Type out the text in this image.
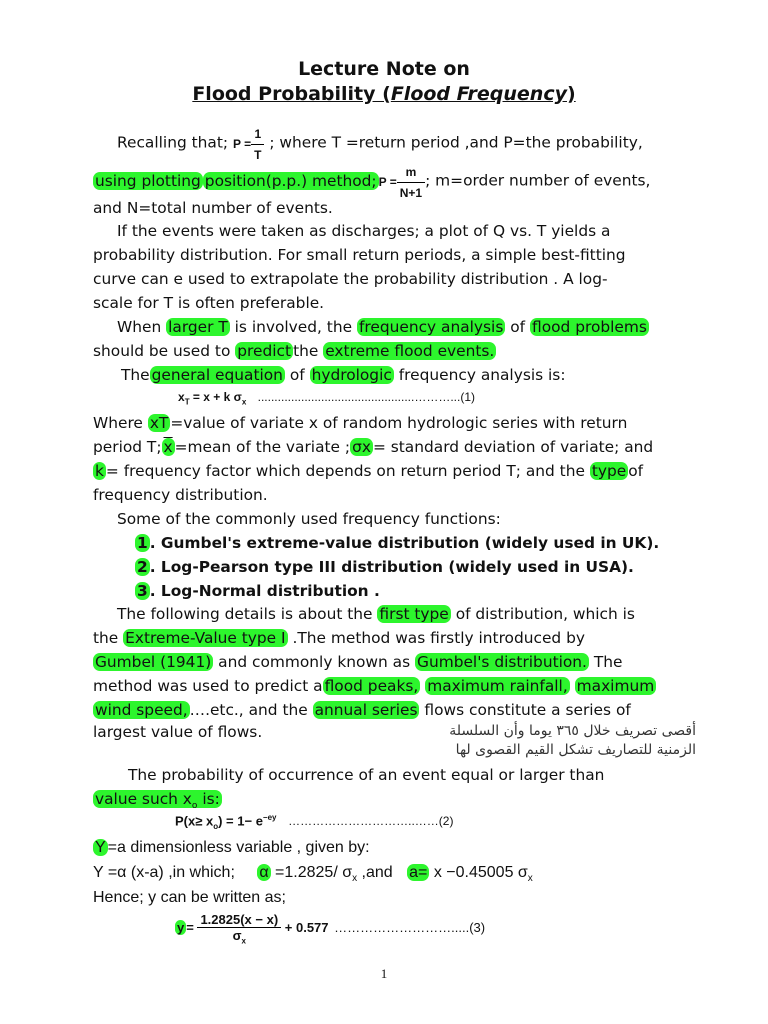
Lecture Note on
Flood Probability (Flood Frequency)
Recalling that; $P = \frac{1}{T}$ ; where T =return period ,and P=the probability,
using plotting position(p.p.) method; $P = \frac{m}{N+1}$ ; m=order number of events,
and N=total number of events.
If the events were taken as discharges; a plot of Q vs. T yields a
probability distribution. For small return periods, a simple best-fitting
curve can e used to extrapolate the probability distribution . A log-
scale for T is often preferable.
When larger T is involved, the frequency analysis of flood problems
should be used to predict the extreme flood events.
The general equation of hydrologic frequency analysis is:
$x_T = x + k$ $\sigma_x$ ...............................................………...(1)
Where xT =value of variate x of random hydrologic series with return
period T; $\overline{x}$ =mean of the variate ; σx = standard deviation of variate; and
k = frequency factor which depends on return period T; and the type of
frequency distribution.
Some of the commonly used frequency functions:
1 . Gumbel's extreme-value distribution (widely used in UK).
2 . Log-Pearson type III distribution (widely used in USA).
3 . Log-Normal distribution .
The following details is about the first type of distribution, which is
the Extreme-Value type I .The method was firstly introduced by
Gumbel (1941) and commonly known as Gumbel's distribution. The
method was used to predict a flood peaks, maximum rainfall, maximum
wind speed, ….etc., and the annual series flows constitute a series of
largest value of flows.	أقصى تصريف خلال ٣٦٥ يوما وأن السلسلة
الزمنية للتصاريف تشكل القيم القصوى لها
The probability of occurrence of an event equal or larger than
value such $x_o$ is:
$P(x\ge x_o) = 1- e^{-ey}$ …………………………..……(2)
Y =a dimensionless variable , given by:
Y =α (x-a) ,in which; α =1.2825/ $\sigma_x$ ,and a= x −0.45005 $\sigma_x$
Hence; y can be written as;
$y = \frac{1.2825(x - x)}{\sigma_x} + 0.577$ ……………………….....(3)
1
